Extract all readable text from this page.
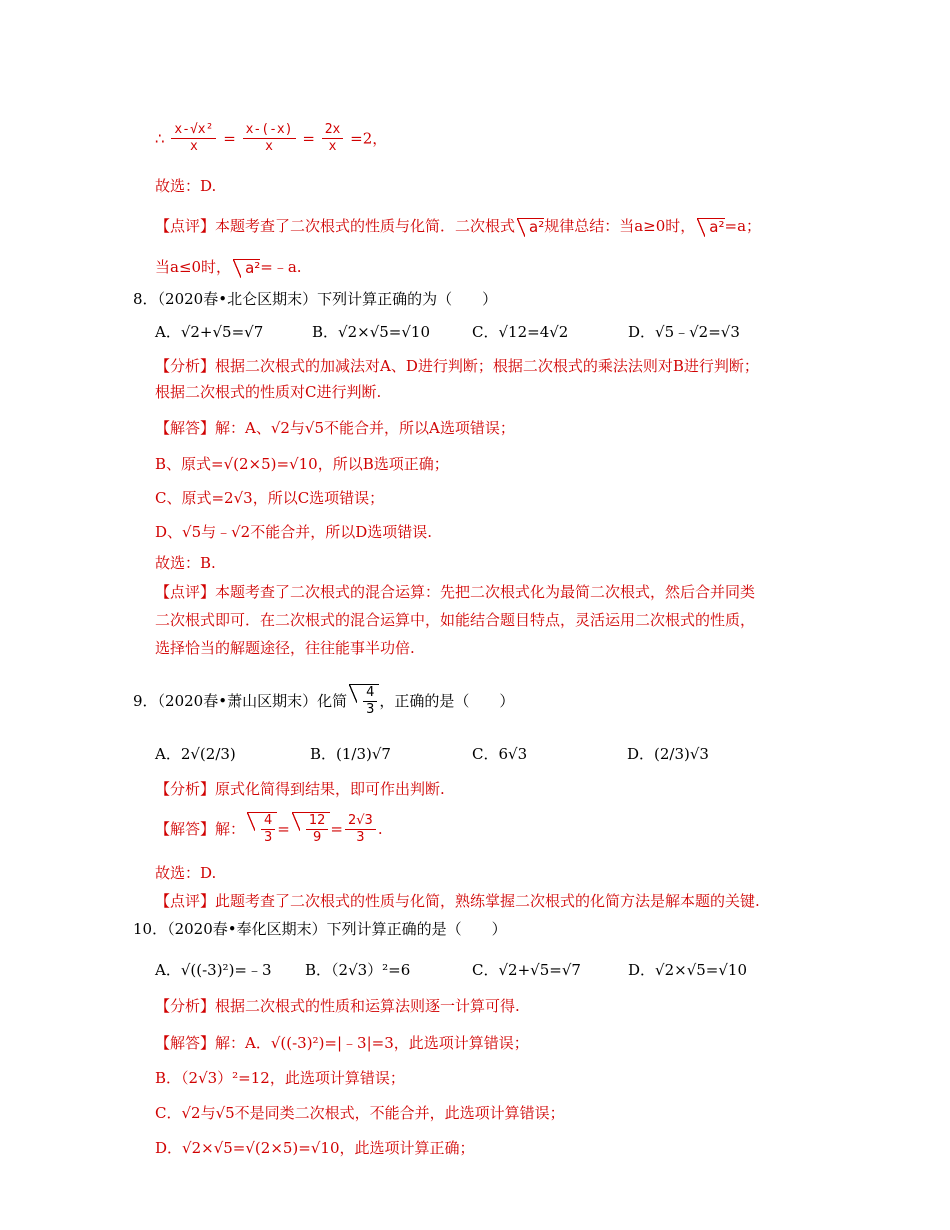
∴ $\frac{\text{x-√x²}}{x} = \frac{x-(-x)}{x} = \frac{2x}{x} =2$，
故选：D.
【点评】本题考查了二次根式的性质与化简．二次根式 a²规律总结：当a≥0时， a²=a；
当a≤0时， a²=﹣a.
8．（2020春•北仑区期末）下列计算正确的为（　　）
A．√2+√5=√7	B．√2×√5=√10	C．√12=4√2	D．√5﹣√2=√3
【分析】根据二次根式的加减法对A、D进行判断；根据二次根式的乘法法则对B进行判断；
根据二次根式的性质对C进行判断.
【解答】解：A、√2与√5不能合并，所以A选项错误；
B、原式=√(2×5)=√10，所以B选项正确；
C、原式=2√3，所以C选项错误；
D、√5与﹣√2不能合并，所以D选项错误.
故选：B.
【点评】本题考查了二次根式的混合运算：先把二次根式化为最简二次根式，然后合并同类
二次根式即可．在二次根式的混合运算中，如能结合题目特点，灵活运用二次根式的性质，
选择恰当的解题途径，往往能事半功倍.
9．（2020春•萧山区期末）化简 $\frac{4}{3}$ ，正确的是（　　）
A．2√(2/3)	B．(1/3)√7	C．6√3	D．(2/3)√3
【分析】原式化简得到结果，即可作出判断.
【解答】解： $\frac{4}{3} = \frac{12}{9} = \frac{2√3}{3}$ .
故选：D.
【点评】此题考查了二次根式的性质与化简，熟练掌握二次根式的化简方法是解本题的关键.
10．（2020春•奉化区期末）下列计算正确的是（　　）
A．√((-3)²)=﹣3 B．（2√3）²=6	C．√2+√5=√7	D．√2×√5=√10
【分析】根据二次根式的性质和运算法则逐一计算可得.
【解答】解：A．√((-3)²)=|﹣3|=3，此选项计算错误；
B．（2√3）²=12，此选项计算错误；
C．√2与√5不是同类二次根式，不能合并，此选项计算错误；
D．√2×√5=√(2×5)=√10，此选项计算正确；
